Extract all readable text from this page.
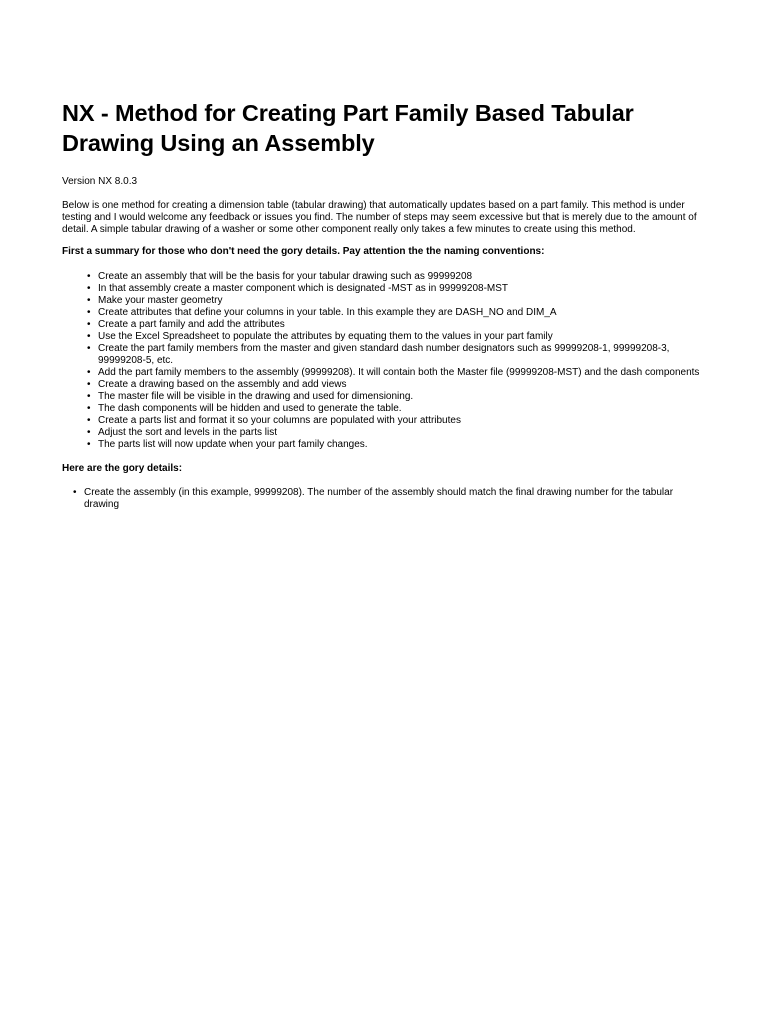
NX - Method for Creating Part Family Based Tabular Drawing Using an Assembly

Version NX 8.0.3

Below is one method for creating a dimension table (tabular drawing) that automatically updates based on a part family. This method is under testing and I would welcome any feedback or issues you find. The number of steps may seem excessive but that is merely due to the amount of detail. A simple tabular drawing of a washer or some other component really only takes a few minutes to create using this method.

First a summary for those who don't need the gory details. Pay attention the the naming conventions:

• Create an assembly that will be the basis for your tabular drawing such as 99999208
• In that assembly create a master component which is designated -MST as in 99999208-MST
• Make your master geometry
• Create attributes that define your columns in your table. In this example they are DASH_NO and DIM_A
• Create a part family and add the attributes
• Use the Excel Spreadsheet to populate the attributes by equating them to the values in your part family
• Create the part family members from the master and given standard dash number designators such as 99999208-1, 99999208-3, 99999208-5, etc.
• Add the part family members to the assembly (99999208). It will contain both the Master file (99999208-MST) and the dash components
• Create a drawing based on the assembly and add views
• The master file will be visible in the drawing and used for dimensioning.
• The dash components will be hidden and used to generate the table.
• Create a parts list and format it so your columns are populated with your attributes
• Adjust the sort and levels in the parts list
• The parts list will now update when your part family changes.

Here are the gory details:

• Create the assembly (in this example, 99999208). The number of the assembly should match the final drawing number for the tabular drawing
